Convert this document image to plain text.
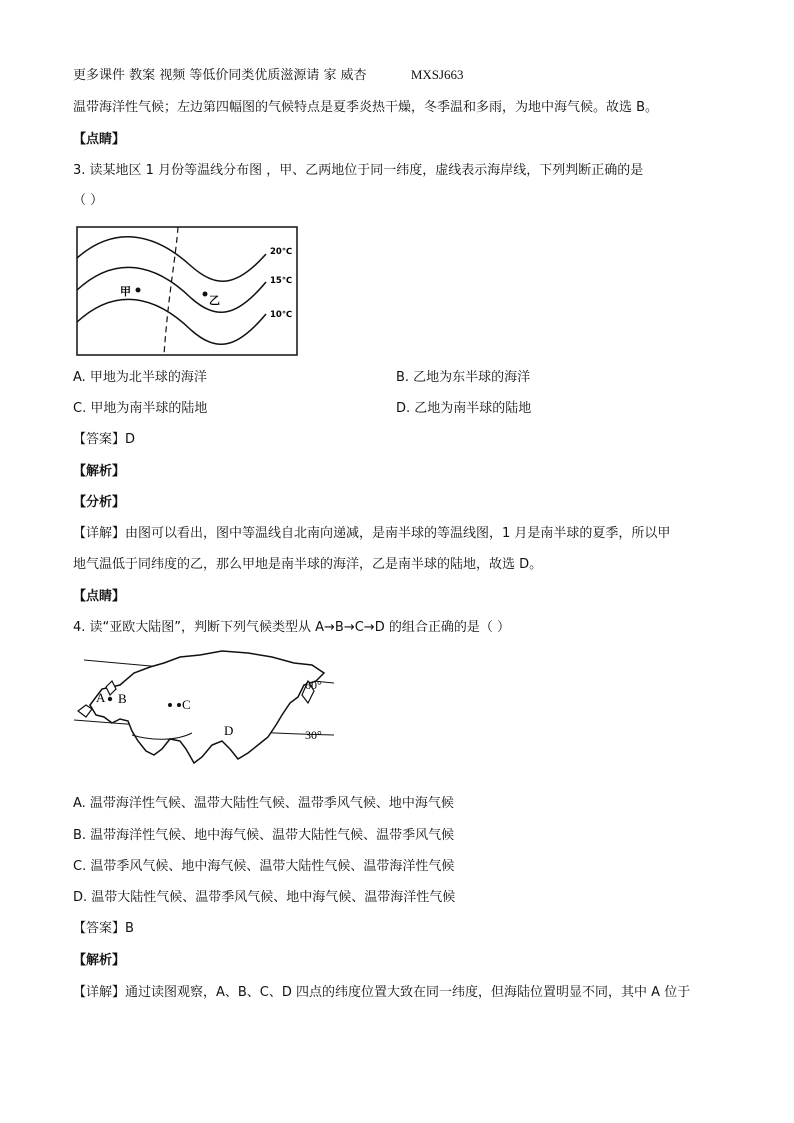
更多课件 教案 视频 等低价同类优质滋源请 家 威杏	MXSJ663
温带海洋性气候；左边第四幅图的气候特点是夏季炎热干燥，冬季温和多雨，为地中海气候。故选 B。
【点睛】
3. 读某地区 1 月份等温线分布图 ，甲、乙两地位于同一纬度，虚线表示海岸线，下列判断正确的是
（ ）
甲
乙
20℃
15℃
10℃
A. 甲地为北半球的海洋	B. 乙地为东半球的海洋
C. 甲地为南半球的陆地	D. 乙地为南半球的陆地
【答案】D
【解析】
【分析】
【详解】由图可以看出，图中等温线自北南向递减，是南半球的等温线图，1 月是南半球的夏季，所以甲
地气温低于同纬度的乙，那么甲地是南半球的海洋，乙是南半球的陆地，故选 D。
【点睛】
4. 读“亚欧大陆图”，判断下列气候类型从 A→B→C→D 的组合正确的是（ ）
A B	C
D
60°
30°
A. 温带海洋性气候、温带大陆性气候、温带季风气候、地中海气候
B. 温带海洋性气候、地中海气候、温带大陆性气候、温带季风气候
C. 温带季风气候、地中海气候、温带大陆性气候、温带海洋性气候
D. 温带大陆性气候、温带季风气候、地中海气候、温带海洋性气候
【答案】B
【解析】
【详解】通过读图观察，A、B、C、D 四点的纬度位置大致在同一纬度，但海陆位置明显不同，其中 A 位于
